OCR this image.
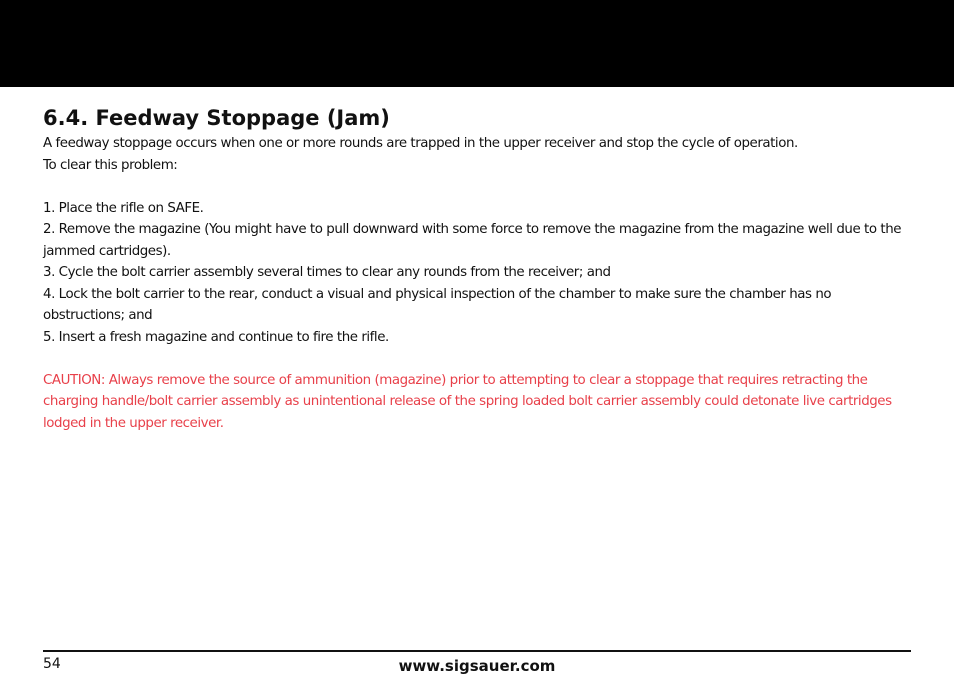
6.4. Feedway Stoppage (Jam)

A feedway stoppage occurs when one or more rounds are trapped in the upper receiver and stop the cycle of operation.

To clear this problem:

1. Place the rifle on SAFE.
2. Remove the magazine (You might have to pull downward with some force to remove the magazine from the magazine well due to the jammed cartridges).
3. Cycle the bolt carrier assembly several times to clear any rounds from the receiver; and
4. Lock the bolt carrier to the rear, conduct a visual and physical inspection of the chamber to make sure the chamber has no obstructions; and
5. Insert a fresh magazine and continue to fire the rifle.

CAUTION: Always remove the source of ammunition (magazine) prior to attempting to clear a stoppage that requires retracting the charging handle/bolt carrier assembly as unintentional release of the spring loaded bolt carrier assembly could detonate live cartridges lodged in the upper receiver.

54	www.sigsauer.com
